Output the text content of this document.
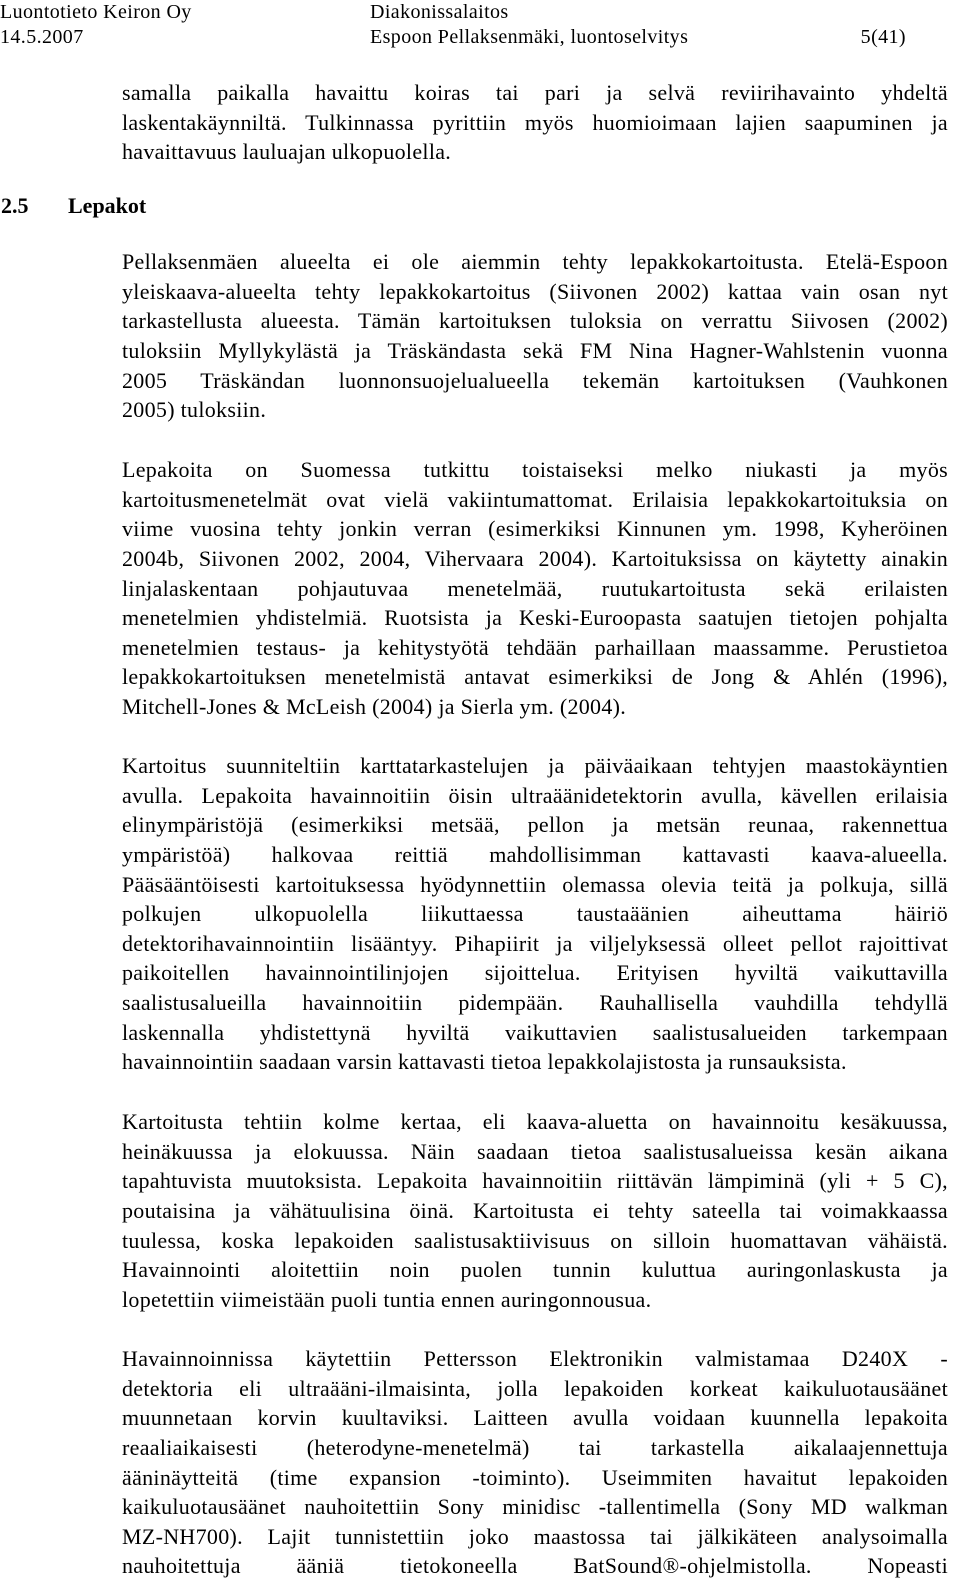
Luontotieto Keiron Oy
14.5.2007
Diakonissalaitos
Espoon Pellaksenmäki, luontoselvitys	5(41)
samalla paikalla havaittu koiras tai pari ja selvä reviirihavainto yhdeltä
laskentakäynniltä. Tulkinnassa pyrittiin myös huomioimaan lajien saapuminen ja
havaittavuus lauluajan ulkopuolella.
2.5 Lepakot
Pellaksenmäen alueelta ei ole aiemmin tehty lepakkokartoitusta. Etelä-Espoon
yleiskaava-alueelta tehty lepakkokartoitus (Siivonen 2002) kattaa vain osan nyt
tarkastellusta alueesta. Tämän kartoituksen tuloksia on verrattu Siivosen (2002)
tuloksiin Myllykylästä ja Träskändasta sekä FM Nina Hagner-Wahlstenin vuonna
2005 Träskändan luonnonsuojelualueella tekemän kartoituksen (Vauhkonen
2005) tuloksiin.
Lepakoita on Suomessa tutkittu toistaiseksi melko niukasti ja myös
kartoitusmenetelmät ovat vielä vakiintumattomat. Erilaisia lepakkokartoituksia on
viime vuosina tehty jonkin verran (esimerkiksi Kinnunen ym. 1998, Kyheröinen
2004b, Siivonen 2002, 2004, Vihervaara 2004). Kartoituksissa on käytetty ainakin
linjalaskentaan pohjautuvaa menetelmää, ruutukartoitusta sekä erilaisten
menetelmien yhdistelmiä. Ruotsista ja Keski-Euroopasta saatujen tietojen pohjalta
menetelmien testaus- ja kehitystyötä tehdään parhaillaan maassamme. Perustietoa
lepakkokartoituksen menetelmistä antavat esimerkiksi de Jong & Ahlén (1996),
Mitchell-Jones & McLeish (2004) ja Sierla ym. (2004).
Kartoitus suunniteltiin karttatarkastelujen ja päiväaikaan tehtyjen maastokäyntien
avulla. Lepakoita havainnoitiin öisin ultraäänidetektorin avulla, kävellen erilaisia
elinympäristöjä (esimerkiksi metsää, pellon ja metsän reunaa, rakennettua
ympäristöä) halkovaa reittiä mahdollisimman kattavasti kaava-alueella.
Pääsääntöisesti kartoituksessa hyödynnettiin olemassa olevia teitä ja polkuja, sillä
polkujen ulkopuolella liikuttaessa taustaäänien aiheuttama häiriö
detektorihavainnointiin lisääntyy. Pihapiirit ja viljelyksessä olleet pellot rajoittivat
paikoitellen havainnointilinjojen sijoittelua. Erityisen hyviltä vaikuttavilla
saalistusalueilla havainnoitiin pidempään. Rauhallisella vauhdilla tehdyllä
laskennalla yhdistettynä hyviltä vaikuttavien saalistusalueiden tarkempaan
havainnointiin saadaan varsin kattavasti tietoa lepakkolajistosta ja runsauksista.
Kartoitusta tehtiin kolme kertaa, eli kaava-aluetta on havainnoitu kesäkuussa,
heinäkuussa ja elokuussa. Näin saadaan tietoa saalistusalueissa kesän aikana
tapahtuvista muutoksista. Lepakoita havainnoitiin riittävän lämpiminä (yli + 5 C),
poutaisina ja vähätuulisina öinä. Kartoitusta ei tehty sateella tai voimakkaassa
tuulessa, koska lepakoiden saalistusaktiivisuus on silloin huomattavan vähäistä.
Havainnointi aloitettiin noin puolen tunnin kuluttua auringonlaskusta ja
lopetettiin viimeistään puoli tuntia ennen auringonnousua.
Havainnoinnissa käytettiin Pettersson Elektronikin valmistamaa D240X -
detektoria eli ultraääni-ilmaisinta, jolla lepakoiden korkeat kaikuluotausäänet
muunnetaan korvin kuultaviksi. Laitteen avulla voidaan kuunnella lepakoita
reaaliaikaisesti (heterodyne-menetelmä) tai tarkastella aikalaajennettuja
ääninäytteitä (time expansion -toiminto). Useimmiten havaitut lepakoiden
kaikuluotausäänet nauhoitettiin Sony minidisc -tallentimella (Sony MD walkman
MZ-NH700). Lajit tunnistettiin joko maastossa tai jälkikäteen analysoimalla
nauhoitettuja ääniä tietokoneella BatSound®-ohjelmistolla. Nopeasti
